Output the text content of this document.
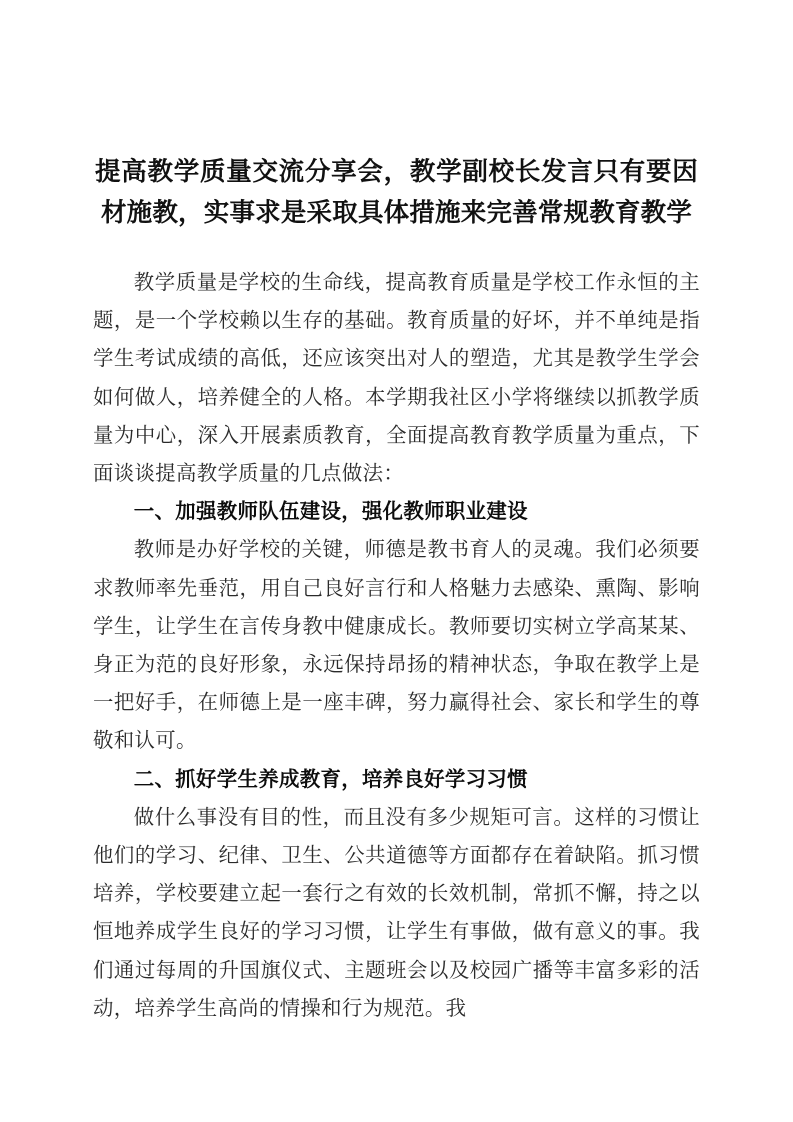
提高教学质量交流分享会，教学副校长发言只有要因材施教，实事求是采取具体措施来完善常规教育教学

教学质量是学校的生命线，提高教育质量是学校工作永恒的主题，是一个学校赖以生存的基础。教育质量的好坏，并不单纯是指学生考试成绩的高低，还应该突出对人的塑造，尤其是教学生学会如何做人，培养健全的人格。本学期我社区小学将继续以抓教学质量为中心，深入开展素质教育，全面提高教育教学质量为重点，下面谈谈提高教学质量的几点做法：

一、加强教师队伍建设，强化教师职业建设

教师是办好学校的关键，师德是教书育人的灵魂。我们必须要求教师率先垂范，用自己良好言行和人格魅力去感染、熏陶、影响学生，让学生在言传身教中健康成长。教师要切实树立学高某某、身正为范的良好形象，永远保持昂扬的精神状态，争取在教学上是一把好手，在师德上是一座丰碑，努力赢得社会、家长和学生的尊敬和认可。

二、抓好学生养成教育，培养良好学习习惯

做什么事没有目的性，而且没有多少规矩可言。这样的习惯让他们的学习、纪律、卫生、公共道德等方面都存在着缺陷。抓习惯培养，学校要建立起一套行之有效的长效机制，常抓不懈，持之以恒地养成学生良好的学习习惯，让学生有事做，做有意义的事。我们通过每周的升国旗仪式、主题班会以及校园广播等丰富多彩的活动，培养学生高尚的情操和行为规范。我
